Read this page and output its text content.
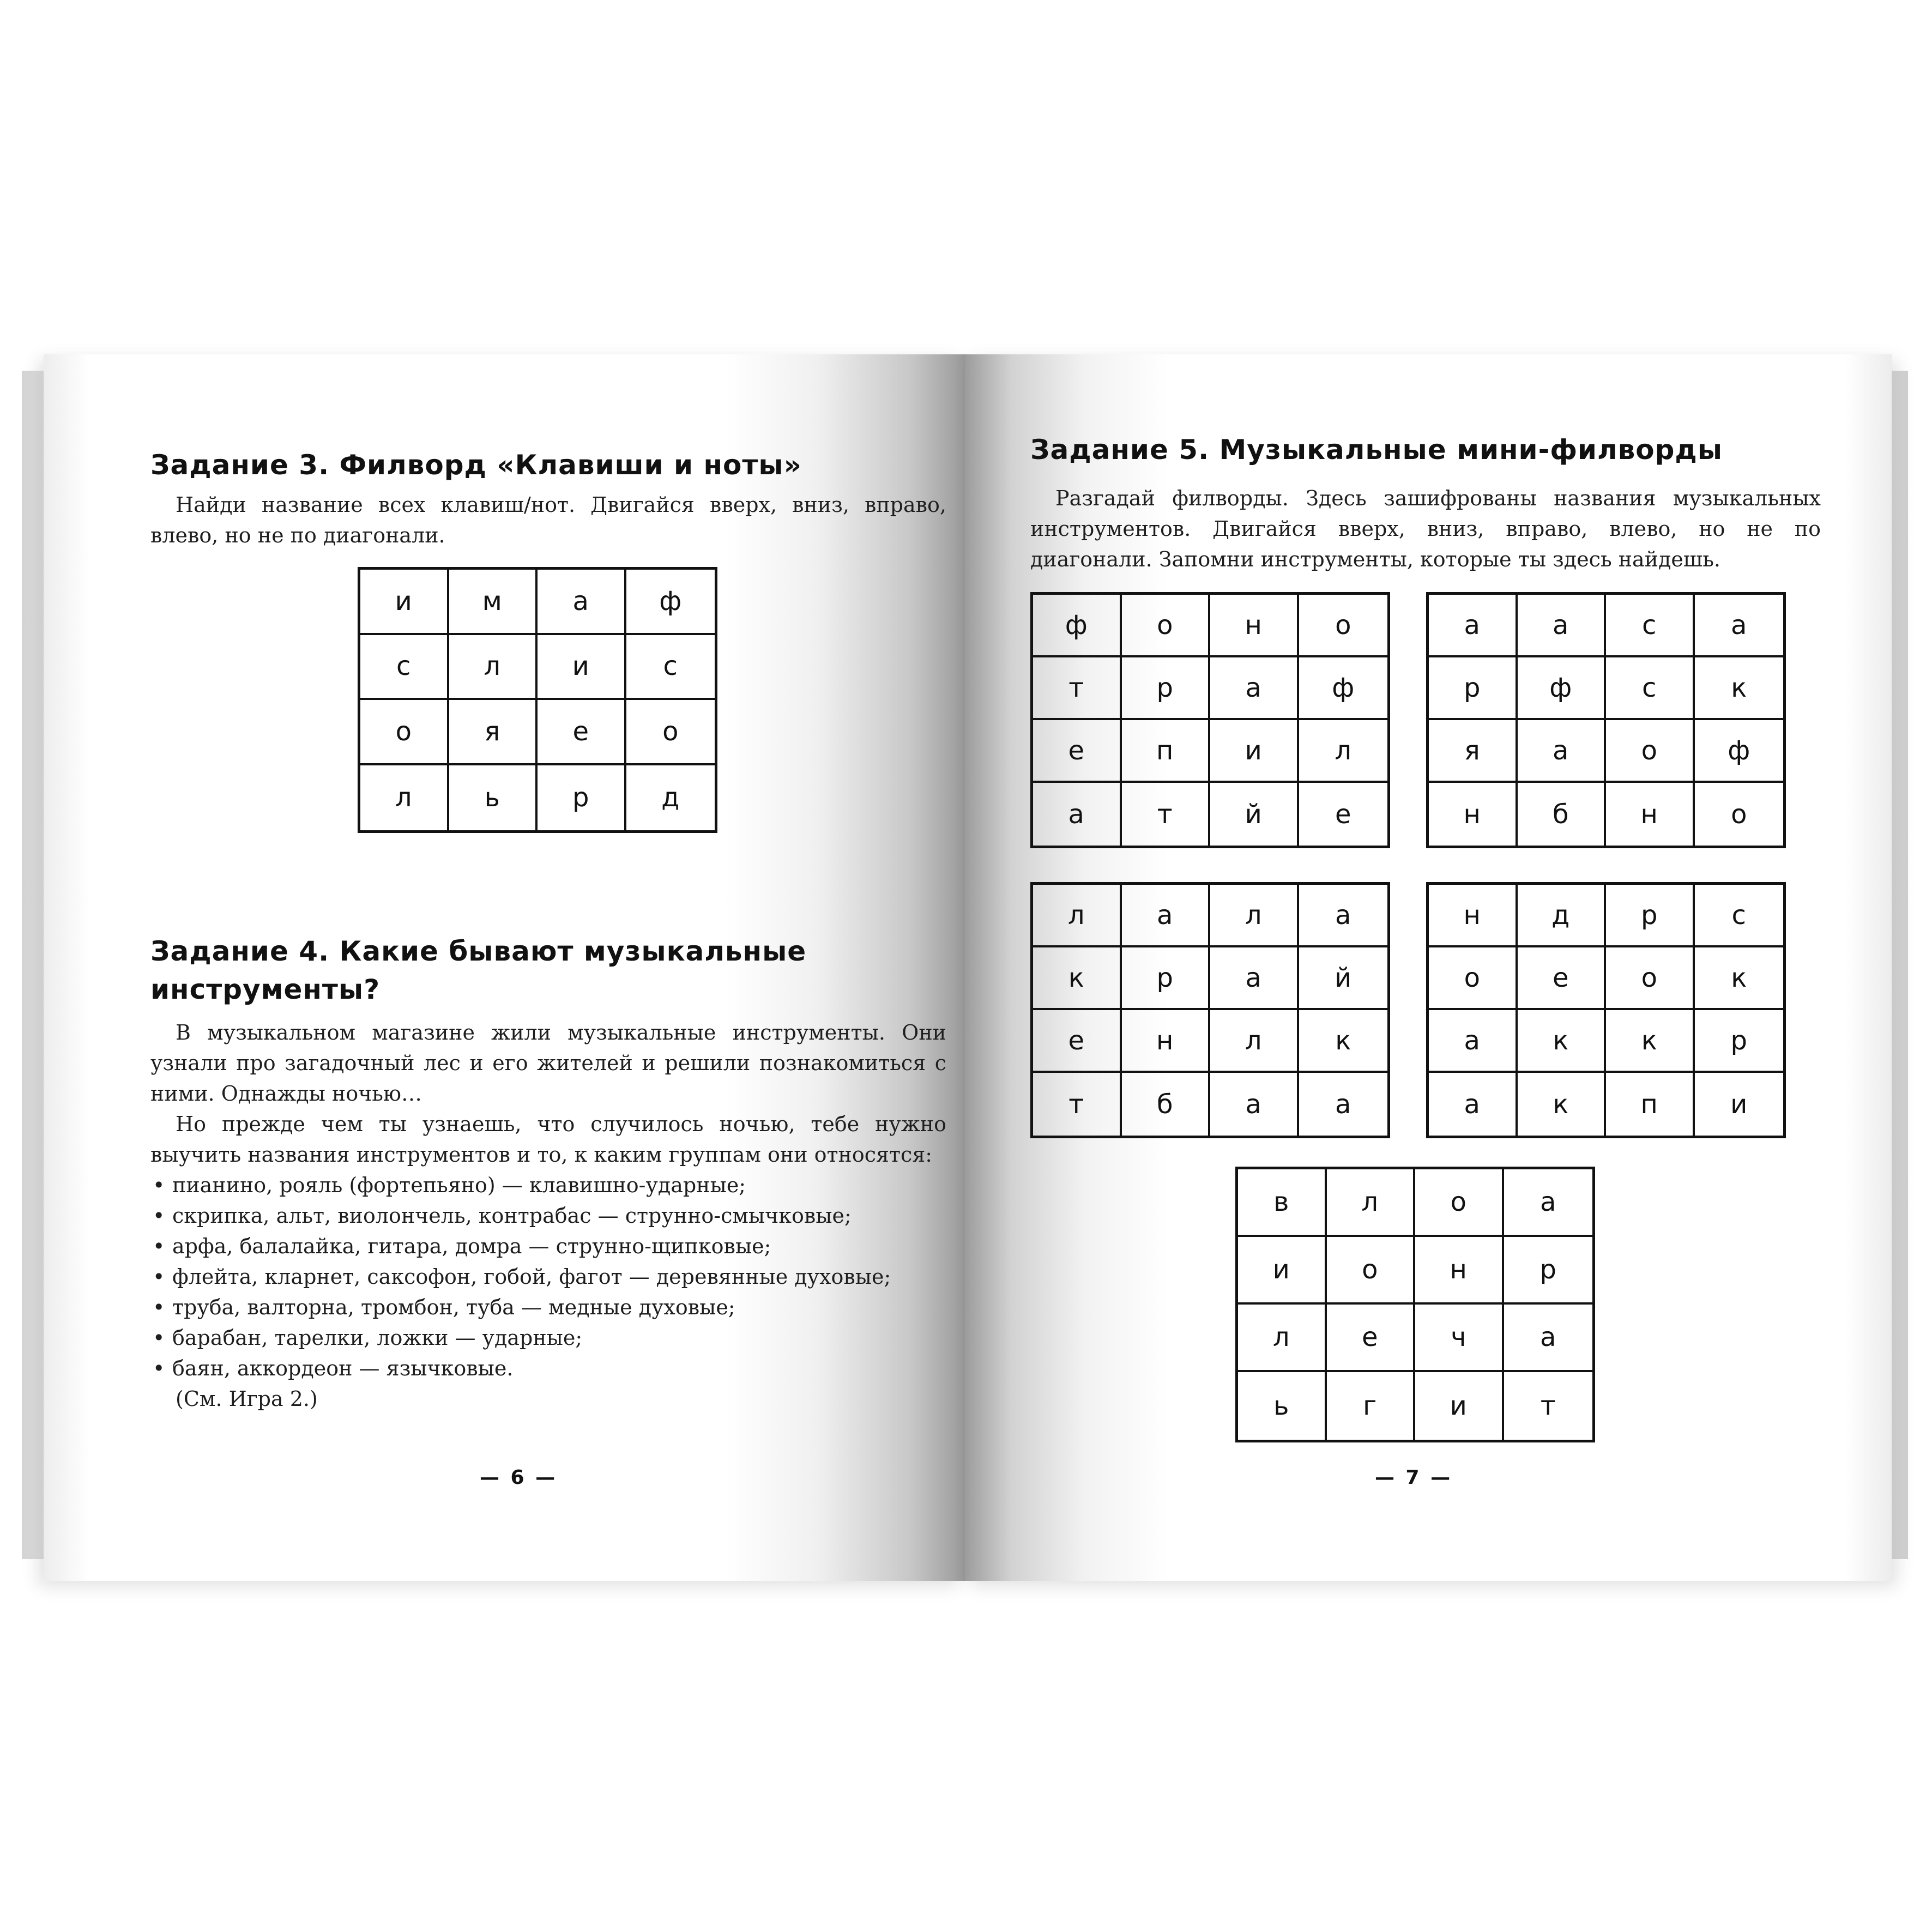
Задание 3. Филворд «Клавиши и ноты»

Найди название всех клавиш/нот. Двигайся вверх, вниз, вправо, влево, но не по диагонали.

и	м	а	ф
с	л	и	с
о	я	е	о
л	ь	р	д
Задание 4. Какие бывают музыкальные инструменты?

В музыкальном магазине жили музыкальные инструменты. Они узнали про загадочный лес и его жителей и решили познакомиться с ними. Однажды ночью…

Но прежде чем ты узнаешь, что случилось ночью, тебе нужно выучить названия инструментов и то, к каким группам они относятся:

• пианино, рояль (фортепьяно) — клавишно-ударные;
• скрипка, альт, виолончель, контрабас — струнно-смычковые;
• арфа, балалайка, гитара, домра — струнно-щипковые;
• флейта, кларнет, саксофон, гобой, фагот — деревянные духовые;
• труба, валторна, тромбон, туба — медные духовые;
• барабан, тарелки, ложки — ударные;
• баян, аккордеон — язычковые.
(См. Игра 2.)
— 6 —
Задание 5. Музыкальные мини-филворды

Разгадай филворды. Здесь зашифрованы названия музыкальных инструментов. Двигайся вверх, вниз, вправо, влево, но не по диагонали. Запомни инструменты, которые ты здесь найдешь.

ф	о	н	о
т	р	а	ф
е	п	и	л
а	т	й	е
а	а	с	а
р	ф	с	к
я	а	о	ф
н	б	н	о
л	а	л	а
к	р	а	й
е	н	л	к
т	б	а	а
н	д	р	с
о	е	о	к
а	к	к	р
а	к	п	и
в	л	о	а
и	о	н	р
л	е	ч	а
ь	г	и	т
— 7 —
